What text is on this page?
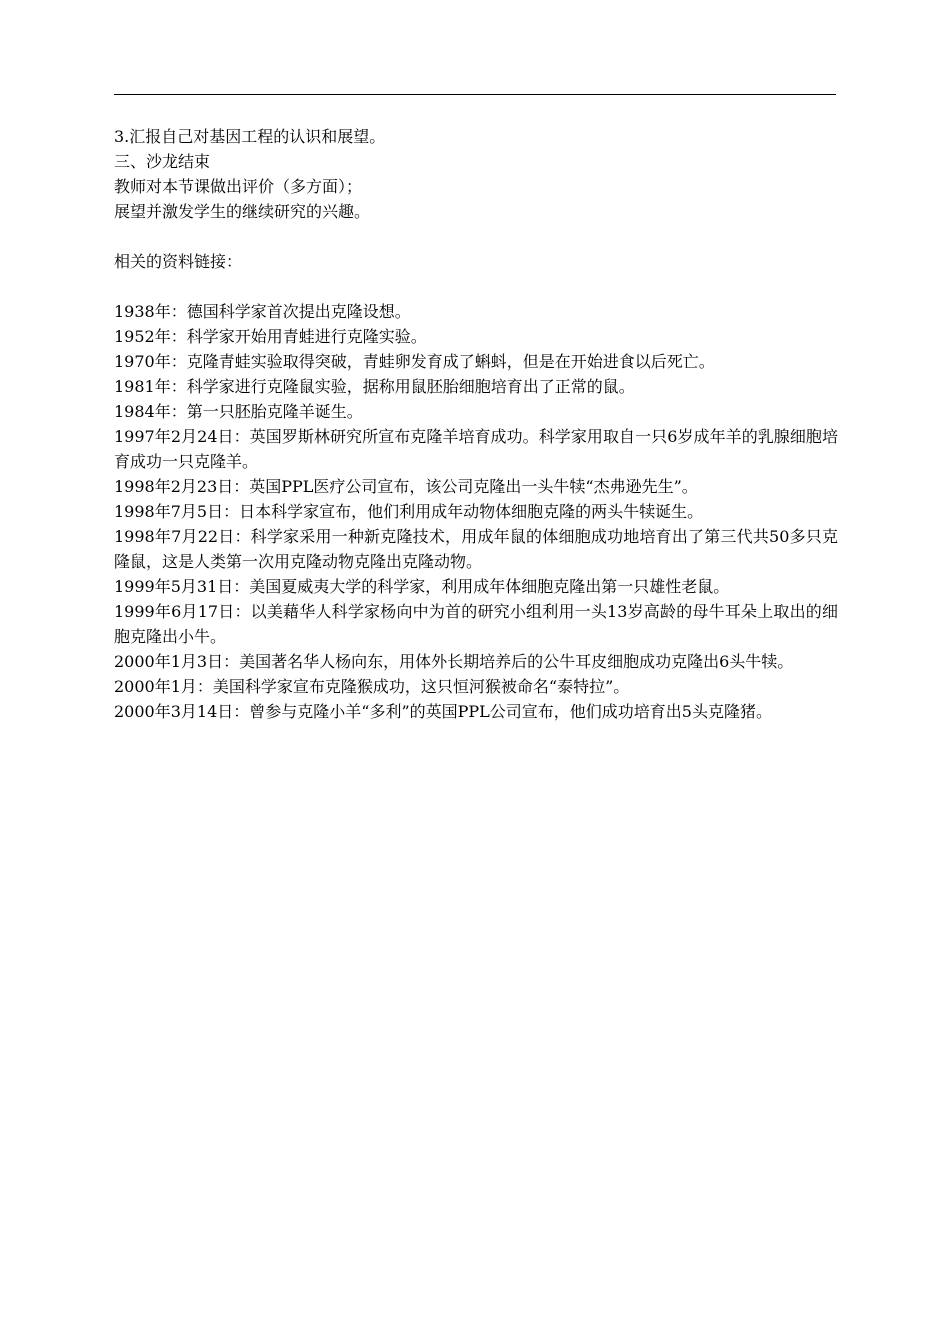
3.汇报自己对基因工程的认识和展望。
三、沙龙结束
教师对本节课做出评价（多方面）；
展望并激发学生的继续研究的兴趣。
相关的资料链接：
1938年：德国科学家首次提出克隆设想。
1952年：科学家开始用青蛙进行克隆实验。
1970年：克隆青蛙实验取得突破，青蛙卵发育成了蝌蚪，但是在开始进食以后死亡。
1981年：科学家进行克隆鼠实验，据称用鼠胚胎细胞培育出了正常的鼠。
1984年：第一只胚胎克隆羊诞生。
1997年2月24日：英国罗斯林研究所宣布克隆羊培育成功。科学家用取自一只6岁成年羊的乳腺细胞培育成功一只克隆羊。
1998年2月23日：英国PPL医疗公司宣布，该公司克隆出一头牛犊“杰弗逊先生”。
1998年7月5日：日本科学家宣布，他们利用成年动物体细胞克隆的两头牛犊诞生。
1998年7月22日：科学家采用一种新克隆技术，用成年鼠的体细胞成功地培育出了第三代共50多只克隆鼠，这是人类第一次用克隆动物克隆出克隆动物。
1999年5月31日：美国夏威夷大学的科学家，利用成年体细胞克隆出第一只雄性老鼠。
1999年6月17日：以美藉华人科学家杨向中为首的研究小组利用一头13岁高龄的母牛耳朵上取出的细胞克隆出小牛。
2000年1月3日：美国著名华人杨向东，用体外长期培养后的公牛耳皮细胞成功克隆出6头牛犊。
2000年1月：美国科学家宣布克隆猴成功，这只恒河猴被命名“泰特拉”。
2000年3月14日：曾参与克隆小羊“多利”的英国PPL公司宣布，他们成功培育出5头克隆猪。
